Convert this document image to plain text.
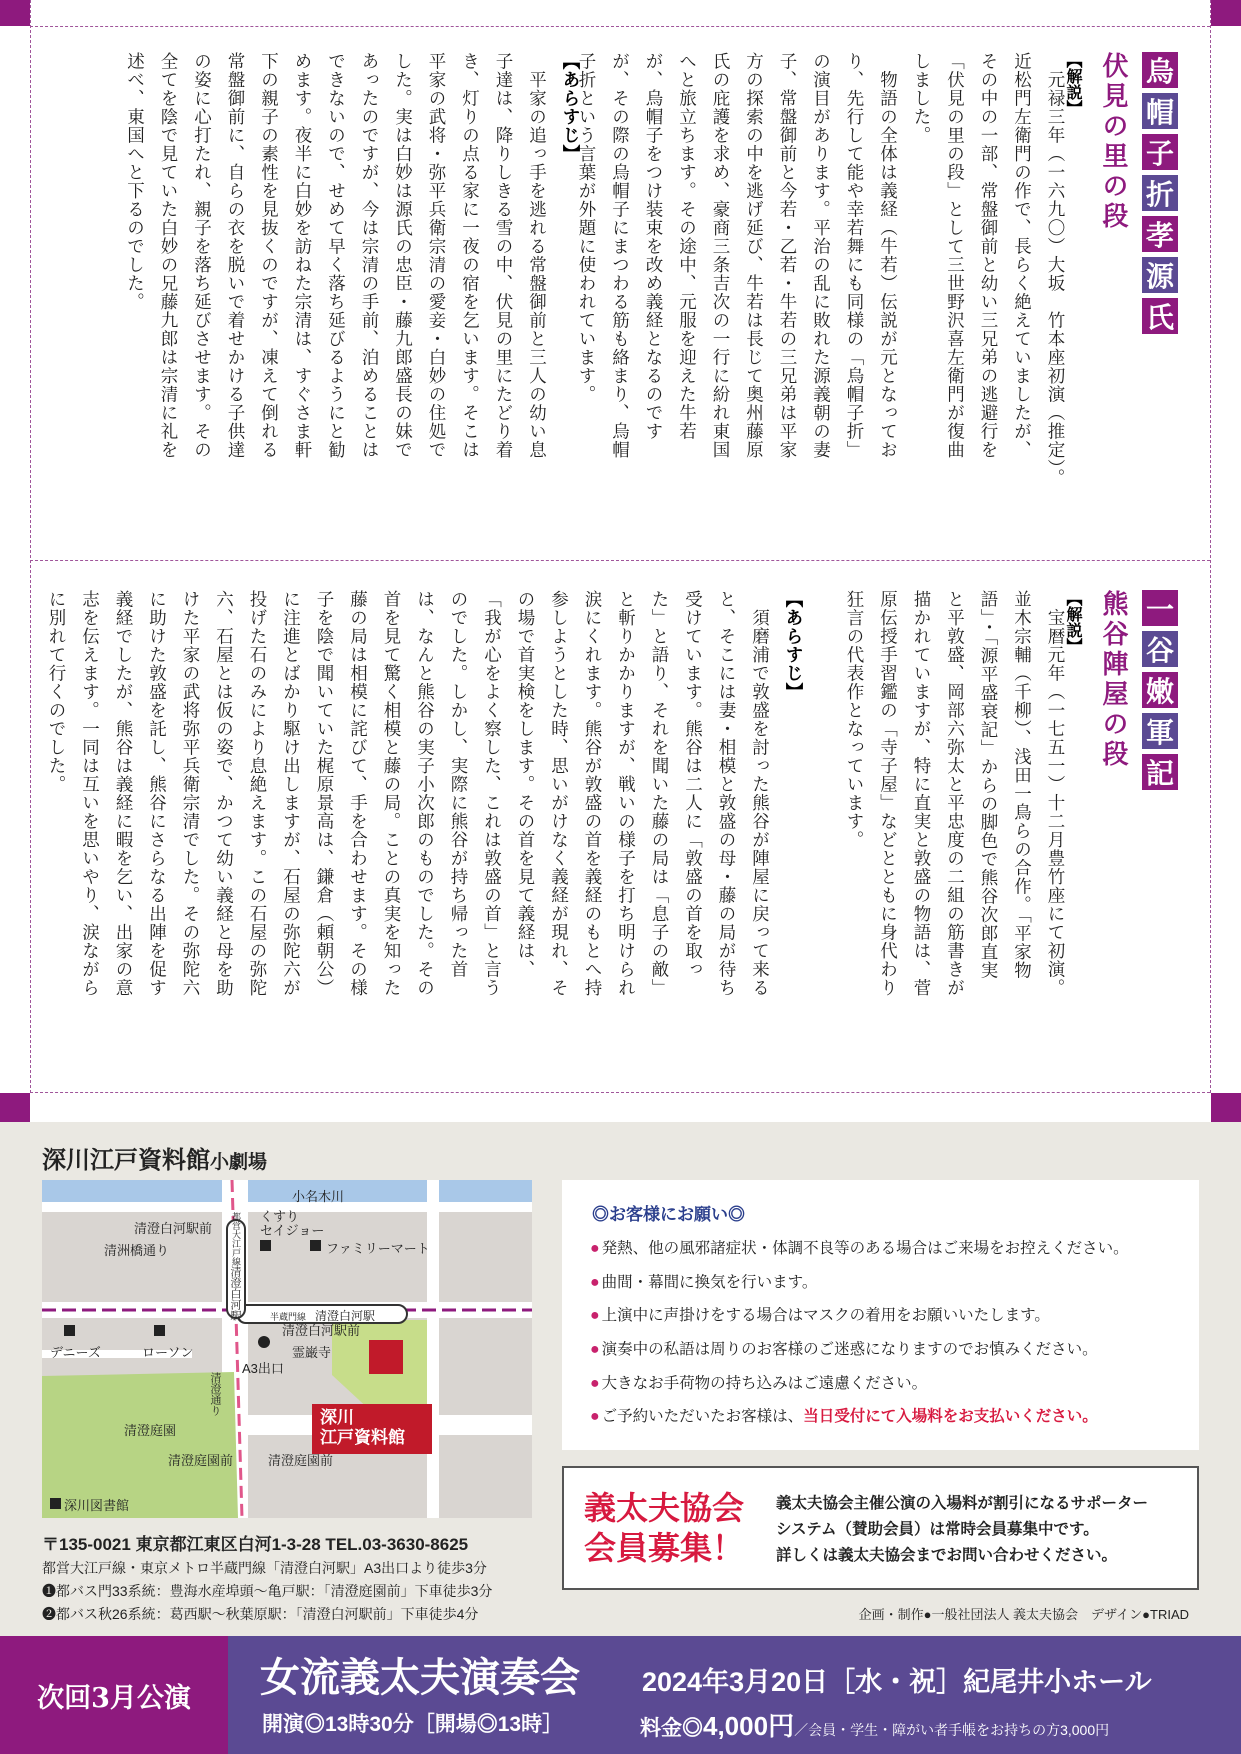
烏
帽
子
折
孝
源
氏
伏見の里の段
【解説】
　元禄三年（一六九〇）大坂　竹本座初演（推定）。
近松門左衛門の作で、長らく絶えていましたが、
その中の一部、常盤御前と幼い三兄弟の逃避行を
「伏見の里の段」として三世野沢喜左衛門が復曲
しました。
　物語の全体は義経（牛若）伝説が元となってお
り、先行して能や幸若舞にも同様の「烏帽子折」
の演目があります。平治の乱に敗れた源義朝の妻
子、常盤御前と今若・乙若・牛若の三兄弟は平家
方の探索の中を逃げ延び、牛若は長じて奥州藤原
氏の庇護を求め、豪商三条吉次の一行に紛れ東国
へと旅立ちます。その途中、元服を迎えた牛若
が、烏帽子をつけ装束を改め義経となるのです
が、その際の烏帽子にまつわる筋も絡まり、烏帽
子折という言葉が外題に使われています。
【あらすじ】
　平家の追っ手を逃れる常盤御前と三人の幼い息
子達は、降りしきる雪の中、伏見の里にたどり着
き、灯りの点る家に一夜の宿を乞います。そこは
平家の武将・弥平兵衛宗清の愛妾・白妙の住処で
した。実は白妙は源氏の忠臣・藤九郎盛長の妹で
あったのですが、今は宗清の手前、泊めることは
できないので、せめて早く落ち延びるようにと勧
めます。夜半に白妙を訪ねた宗清は、すぐさま軒
下の親子の素性を見抜くのですが、凍えて倒れる
常盤御前に、自らの衣を脱いで着せかける子供達
の姿に心打たれ、親子を落ち延びさせます。その
全てを陰で見ていた白妙の兄藤九郎は宗清に礼を
述べ、東国へと下るのでした。
一
谷
嫩
軍
記
熊谷陣屋の段
【解説】
　宝暦元年（一七五一）十二月豊竹座にて初演。
並木宗輔（千柳）、浅田一鳥らの合作。「平家物
語」・「源平盛衰記」からの脚色で熊谷次郎直実
と平敦盛、岡部六弥太と平忠度の二組の筋書きが
描かれていますが、特に直実と敦盛の物語は、菅
原伝授手習鑑の「寺子屋」などとともに身代わり
狂言の代表作となっています。
【あらすじ】
　須磨浦で敦盛を討った熊谷が陣屋に戻って来る
と、そこには妻・相模と敦盛の母・藤の局が待ち
受けています。熊谷は二人に「敦盛の首を取っ
た」と語り、それを聞いた藤の局は「息子の敵」
と斬りかかりますが、戦いの様子を打ち明けられ
涙にくれます。熊谷が敦盛の首を義経のもとへ持
参しようとした時、思いがけなく義経が現れ、そ
の場で首実検をします。その首を見て義経は、
「我が心をよく察した、これは敦盛の首」と言う
のでした。しかし、実際に熊谷が持ち帰った首
は、なんと熊谷の実子小次郎のものでした。その
首を見て驚く相模と藤の局。ことの真実を知った
藤の局は相模に詫びて、手を合わせます。その様
子を陰で聞いていた梶原景高は、鎌倉（頼朝公）
に注進とばかり駆け出しますが、石屋の弥陀六が
投げた石のみにより息絶えます。この石屋の弥陀
六、石屋とは仮の姿で、かつて幼い義経と母を助
けた平家の武将弥平兵衛宗清でした。その弥陀六
に助けた敦盛を託し、熊谷にさらなる出陣を促す
義経でしたが、熊谷は義経に暇を乞い、出家の意
志を伝えます。一同は互いを思いやり、涙ながら
に別れて行くのでした。
深川江戸資料館小劇場
小名木川
都営大江戸線
清澄白河駅	半蔵門線　 清澄白河駅
清澄白河駅前
清洲橋通り
くすり
セイジョー
ファミリーマート
デニーズ	ローソン
清澄白河駅前
霊巌寺
A3出口
清澄通り
清澄庭園
清澄庭園前	清澄庭園前
深川図書館
深川
江戸資料館
〒135-0021 東京都江東区白河1-3-28 TEL.03-3630-8625
都営大江戸線・東京メトロ半蔵門線「清澄白河駅」A3出口より徒歩3分
❶都バス門33系統：豊海水産埠頭〜亀戸駅：「清澄庭園前」下車徒歩3分
❷都バス秋26系統：葛西駅〜秋葉原駅：「清澄白河駅前」下車徒歩4分
◎お客様にお願い◎
● 発熱、他の風邪諸症状・体調不良等のある場合はご来場をお控えください。
● 曲間・幕間に換気を行います。
● 上演中に声掛けをする場合はマスクの着用をお願いいたします。
● 演奏中の私語は周りのお客様のご迷惑になりますのでお慎みください。
● 大きなお手荷物の持ち込みはご遠慮ください。
● ご予約いただいたお客様は、当日受付にて入場料をお支払いください。
義太夫協会
会員募集！
義太夫協会主催公演の入場料が割引になるサポーター
システム（賛助会員）は常時会員募集中です。
詳しくは義太夫協会までお問い合わせください。
企画・制作●一般社団法人 義太夫協会　デザイン●TRIAD
次回3月公演	女流義太夫演奏会 2024年3月20日［水・祝］紀尾井小ホール
開演◎13時30分［開場◎13時］	料金◎4,000円／会員・学生・障がい者手帳をお持ちの方3,000円
